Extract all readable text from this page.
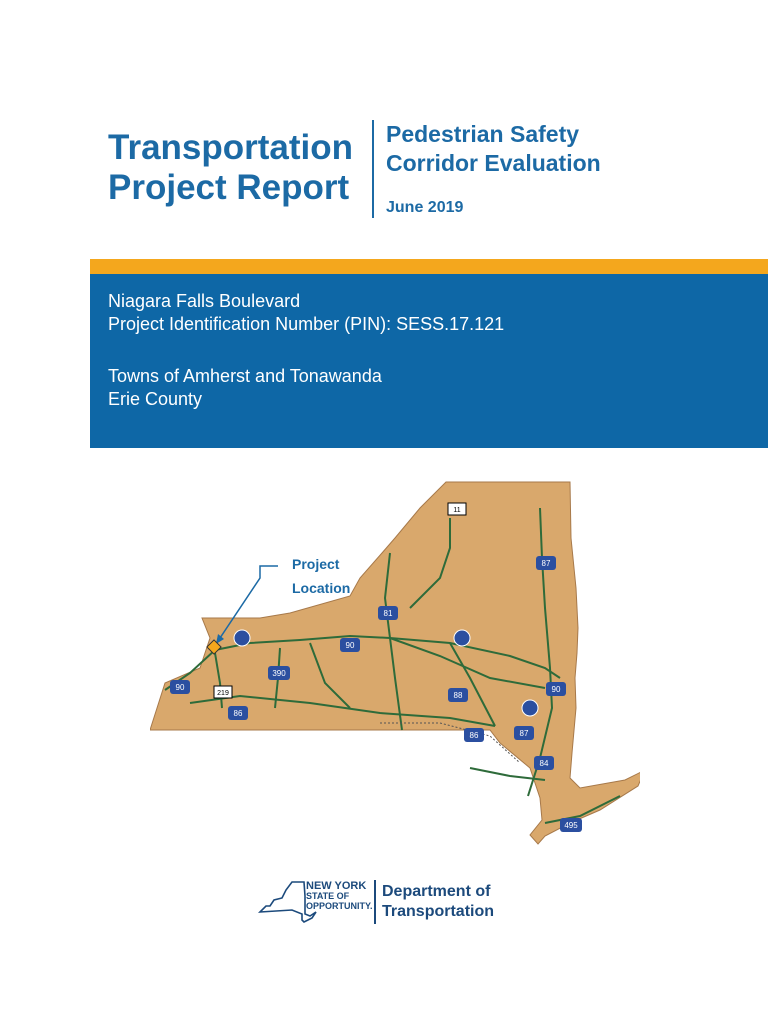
Transportation
Project Report
Pedestrian Safety
Corridor Evaluation
June 2019
Niagara Falls Boulevard
Project Identification Number (PIN): SESS.17.121
Towns of Amherst and Tonawanda
Erie County
90
219
86
390
90
81
11
87
88
90
86	87
84
495
Project
Location
NEW YORK
STATE OF
OPPORTUNITY.
Department of
Transportation
